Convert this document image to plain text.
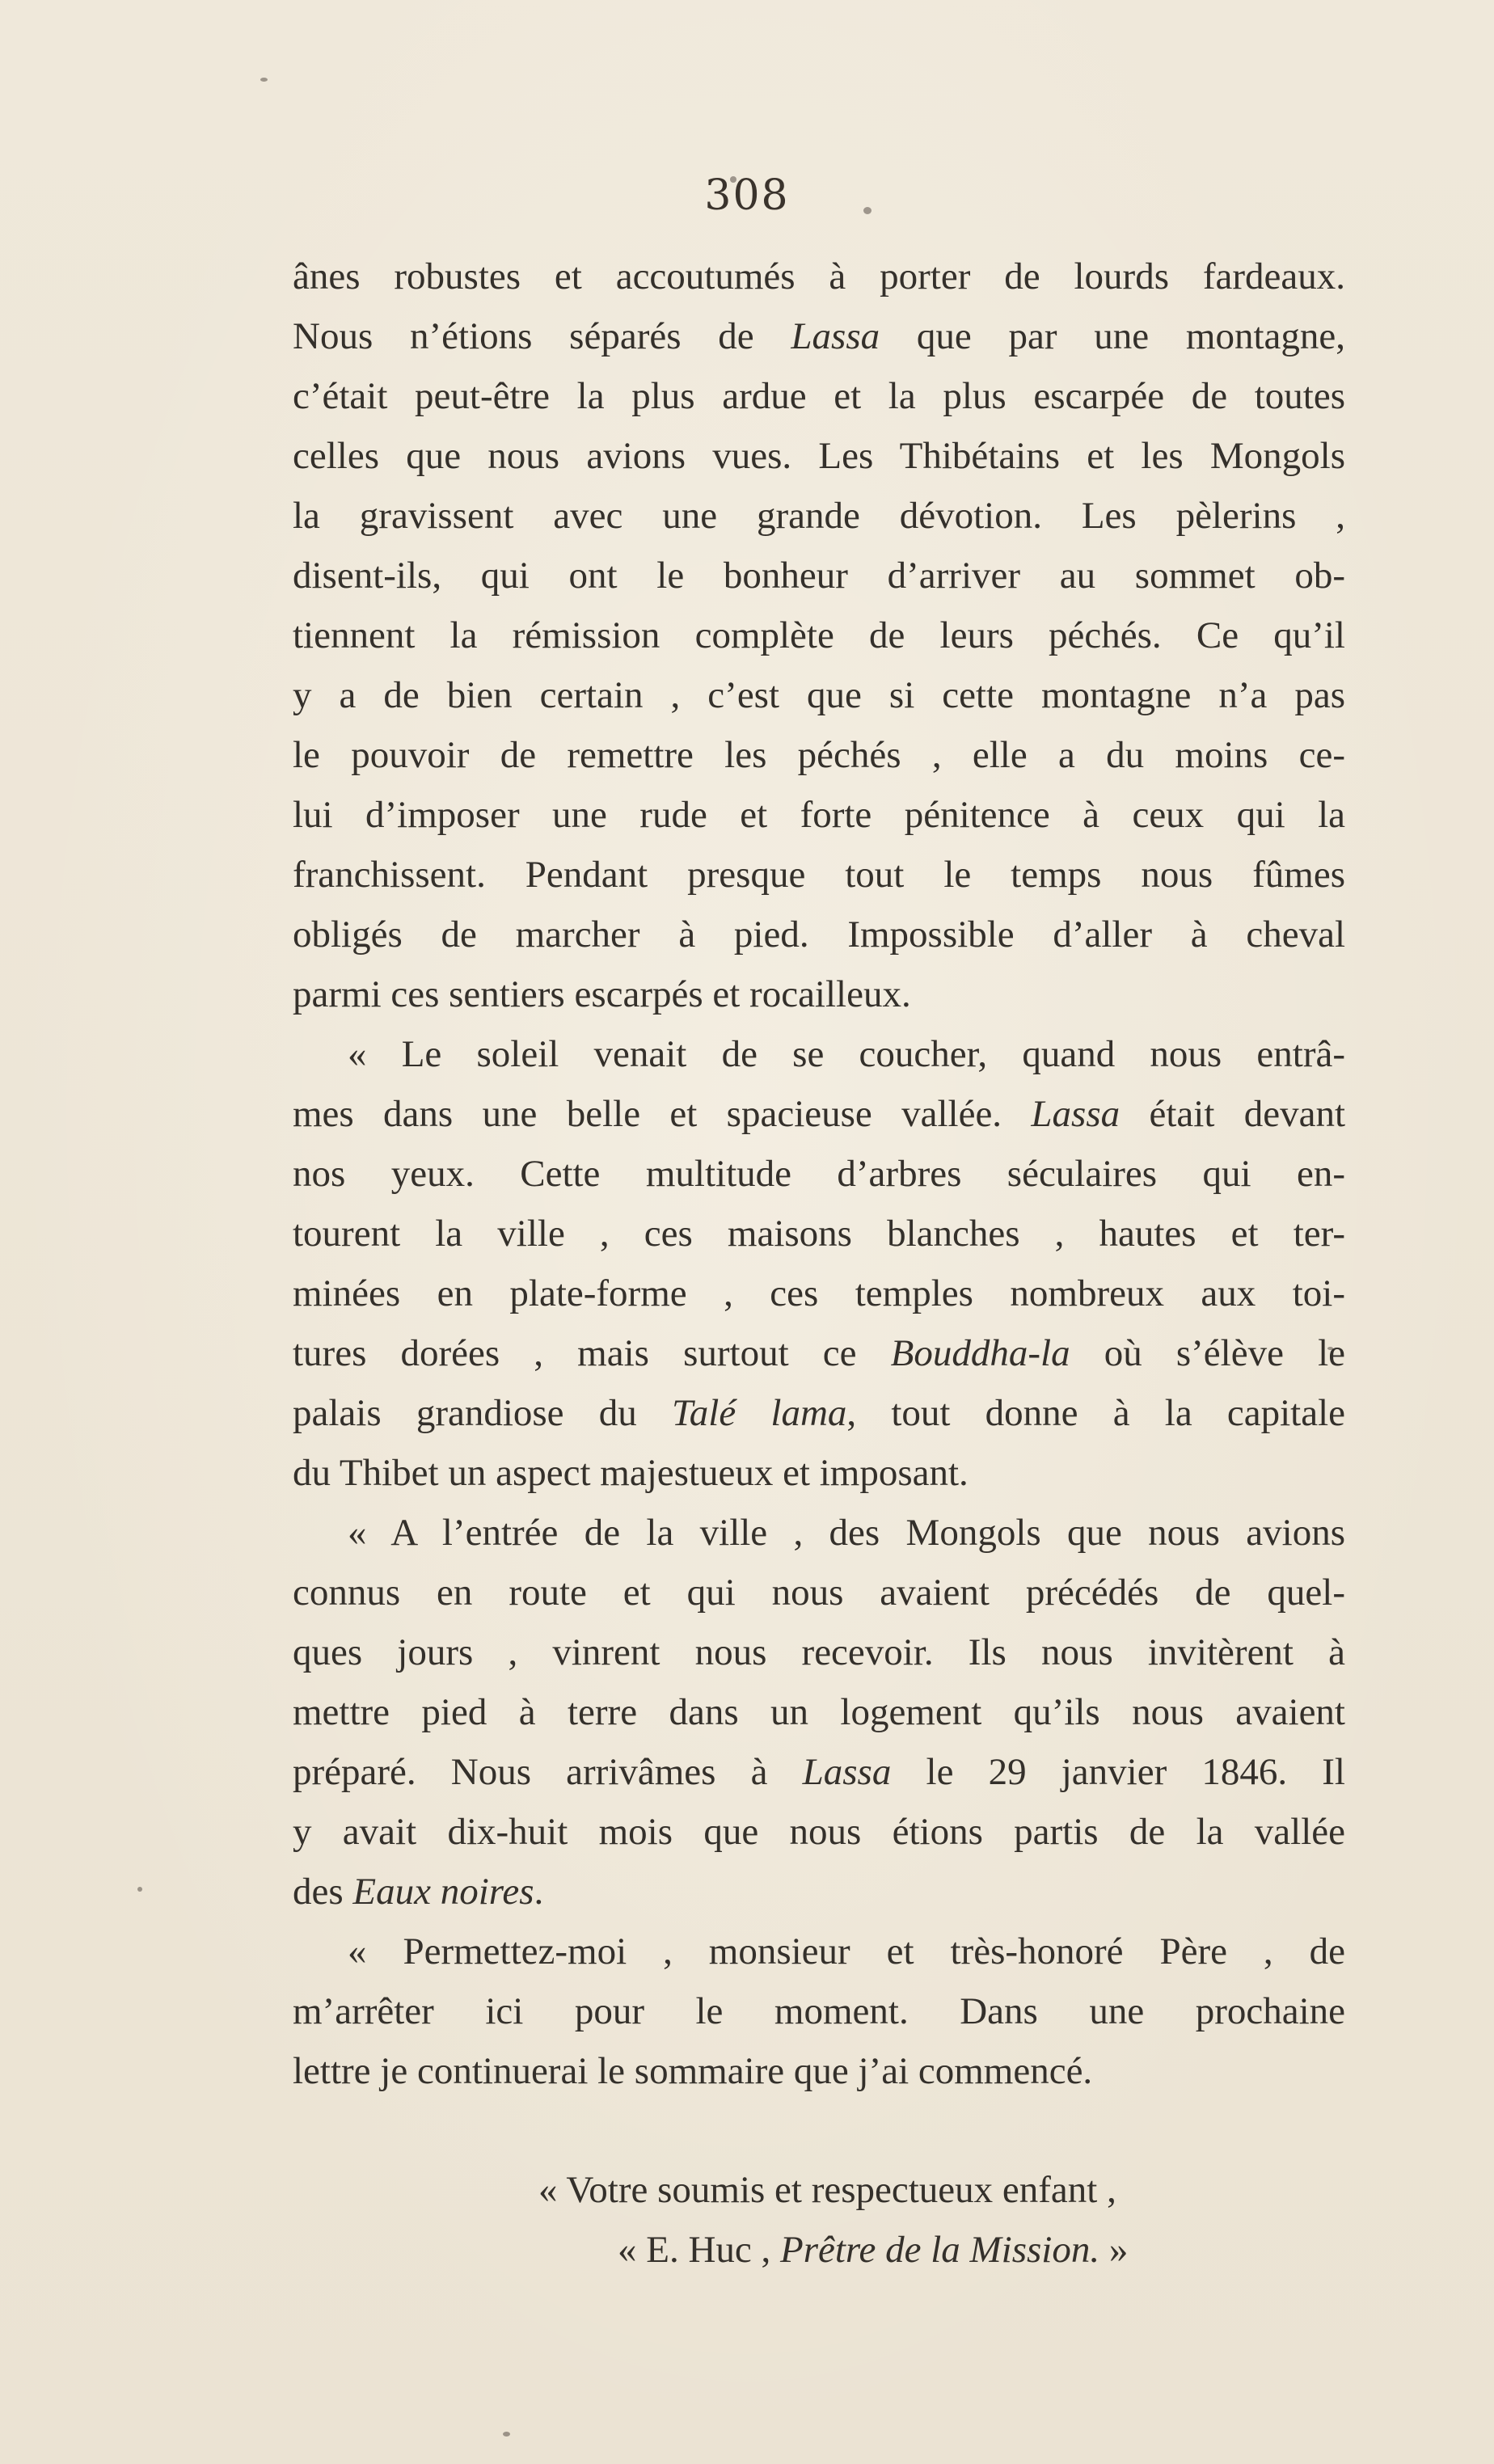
308
ânes robustes et accoutumés à porter de lourds fardeaux.
Nous n’étions séparés de Lassa que par une montagne,
c’était peut-être la plus ardue et la plus escarpée de toutes
celles que nous avions vues. Les Thibétains et les Mongols
la gravissent avec une grande dévotion. Les pèlerins ,
disent-ils, qui ont le bonheur d’arriver au sommet ob-
tiennent la rémission complète de leurs péchés. Ce qu’il
y a de bien certain , c’est que si cette montagne n’a pas
le pouvoir de remettre les péchés , elle a du moins ce-
lui d’imposer une rude et forte pénitence à ceux qui la
franchissent. Pendant presque tout le temps nous fûmes
obligés de marcher à pied. Impossible d’aller à cheval
parmi ces sentiers escarpés et rocailleux.
« Le soleil venait de se coucher, quand nous entrâ-
mes dans une belle et spacieuse vallée. Lassa était devant
nos yeux. Cette multitude d’arbres séculaires qui en-
tourent la ville , ces maisons blanches , hautes et ter-
minées en plate-forme , ces temples nombreux aux toi-
tures dorées , mais surtout ce Bouddha-la où s’élève le
palais grandiose du Talé lama, tout donne à la capitale
du Thibet un aspect majestueux et imposant.
« A l’entrée de la ville , des Mongols que nous avions
connus en route et qui nous avaient précédés de quel-
ques jours , vinrent nous recevoir. Ils nous invitèrent à
mettre pied à terre dans un logement qu’ils nous avaient
préparé. Nous arrivâmes à Lassa le 29 janvier 1846. Il
y avait dix-huit mois que nous étions partis de la vallée
des Eaux noires.
« Permettez-moi , monsieur et très-honoré Père , de
m’arrêter ici pour le moment. Dans une prochaine
lettre je continuerai le sommaire que j’ai commencé.
« Votre soumis et respectueux enfant ,
« E. Huc , Prêtre de la Mission. »
